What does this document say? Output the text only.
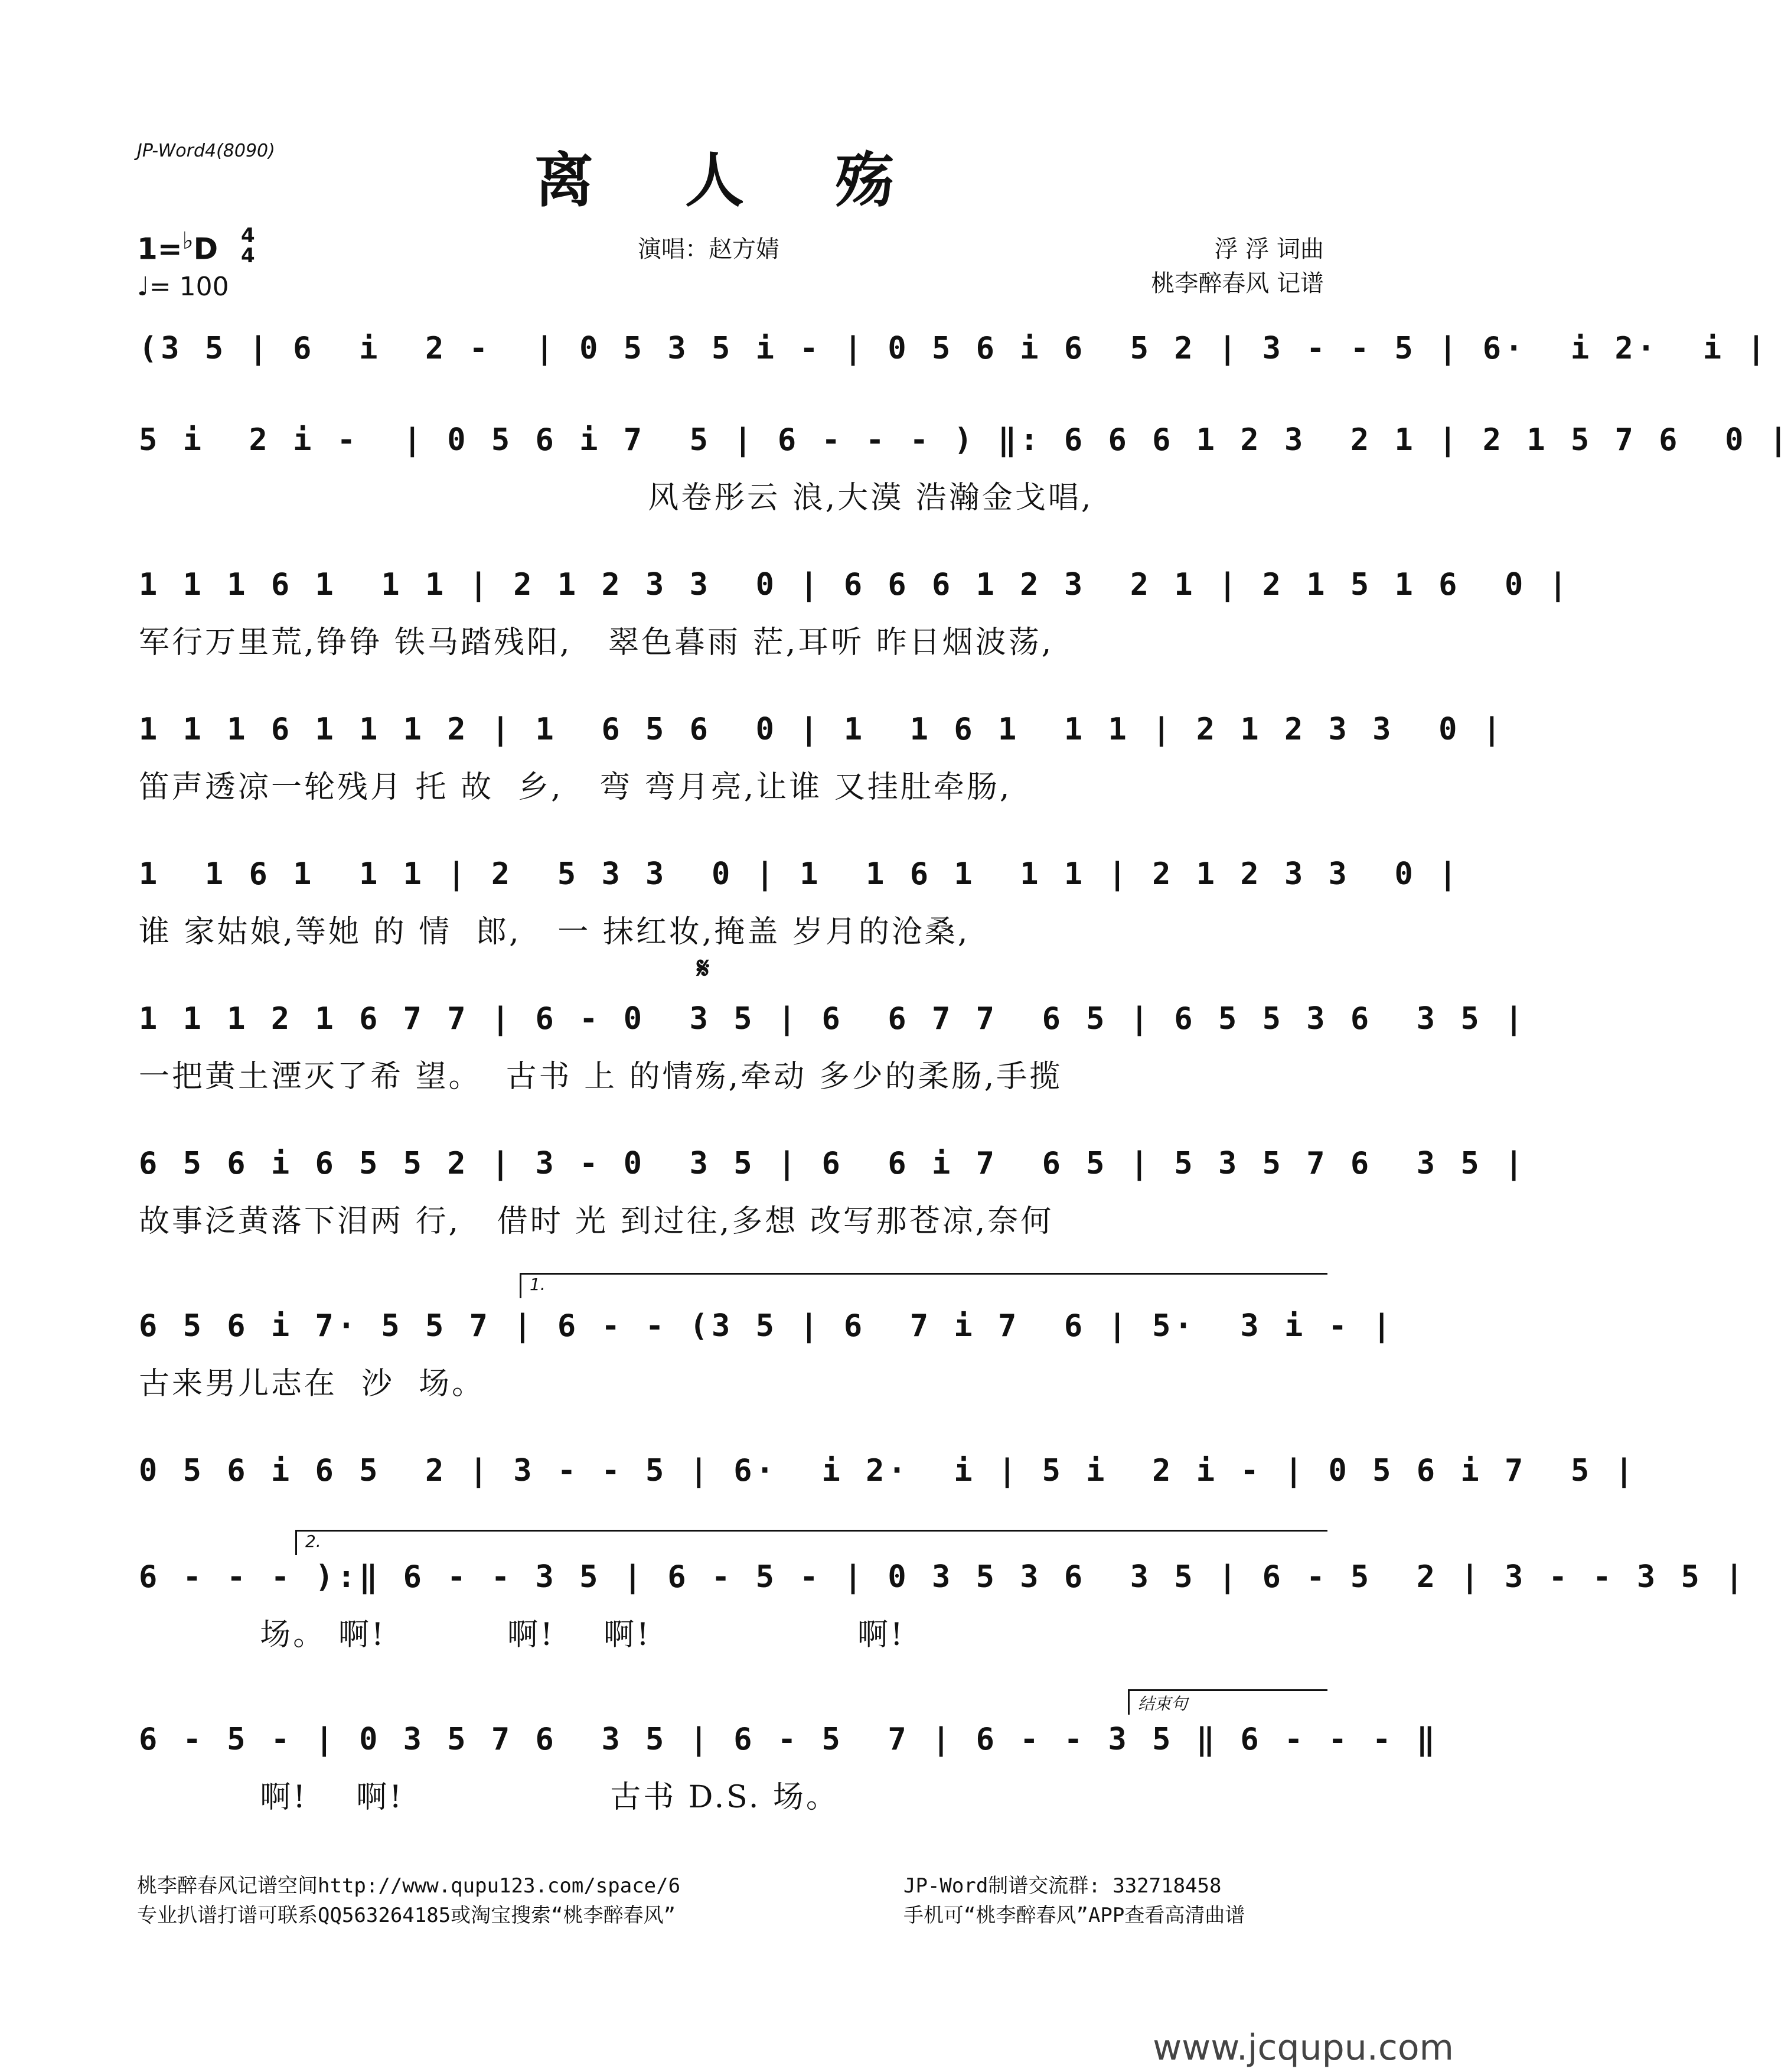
JP-Word4(8090)	离 人 殇
1=♭D 4
4
♩= 100
演唱：赵方婧	浮 浮 词曲
桃李醉春风 记谱
(3 5 | 6  i  2 -  | 0 5 3 5 i - | 0 5 6 i 6  5 2 | 3 - - 5 | 6·  i 2·  i |
5 i  2 i -  | 0 5 6 i 7  5 | 6 - - - ) ‖: 6 6 6 1 2 3  2 1 | 2 1 5 7 6  0 |
风卷彤云 浪,大漠 浩瀚金戈唱,
1 1 1 6 1  1 1 | 2 1 2 3 3  0 | 6 6 6 1 2 3  2 1 | 2 1 5 1 6  0 |
军行万里荒,铮铮 铁马踏残阳,   翠色暮雨 茫,耳听 昨日烟波荡,
1 1 1 6 1 1 1 2 | 1  6 5 6  0 | 1  1 6 1  1 1 | 2 1 2 3 3  0 |
笛声透凉一轮残月 托 故  乡,   弯 弯月亮,让谁 又挂肚牵肠,
1  1 6 1  1 1 | 2  5 3 3  0 | 1  1 6 1  1 1 | 2 1 2 3 3  0 |
谁 家姑娘,等她 的 情  郎,   一 抹红妆,掩盖 岁月的沧桑,
𝄋
1 1 1 2 1 6 7 7 | 6 - 0  3 5 | 6  6 7 7  6 5 | 6 5 5 3 6  3 5 |
一把黄土湮灭了希 望。  古书 上 的情殇,牵动 多少的柔肠,手揽
6 5 6 i 6 5 5 2 | 3 - 0  3 5 | 6  6 i 7  6 5 | 5 3 5 7 6  3 5 |
故事泛黄落下泪两 行,   借时 光 到过往,多想 改写那苍凉,奈何
1.
6 5 6 i 7· 5 5 7 | 6 - - (3 5 | 6  7 i 7  6 | 5·  3 i - |
古来男儿志在  沙  场。
0 5 6 i 6 5  2 | 3 - - 5 | 6·  i 2·  i | 5 i  2 i - | 0 5 6 i 7  5 |
2.
6 - - - ):‖ 6 - - 3 5 | 6 - 5 - | 0 3 5 3 6  3 5 | 6 - 5  2 | 3 - - 3 5 |
场。 啊!          啊!    啊!                 啊!
结束句
6 - 5 - | 0 3 5 7 6  3 5 | 6 - 5  7 | 6 - - 3 5 ‖ 6 - - - ‖
啊!    啊!                 古书 D.S. 场。
桃李醉春风记谱空间http://www.qupu123.com/space/6
专业扒谱打谱可联系QQ563264185或淘宝搜索“桃李醉春风”
JP-Word制谱交流群: 332718458
手机可“桃李醉春风”APP查看高清曲谱
www.jcqupu.com
